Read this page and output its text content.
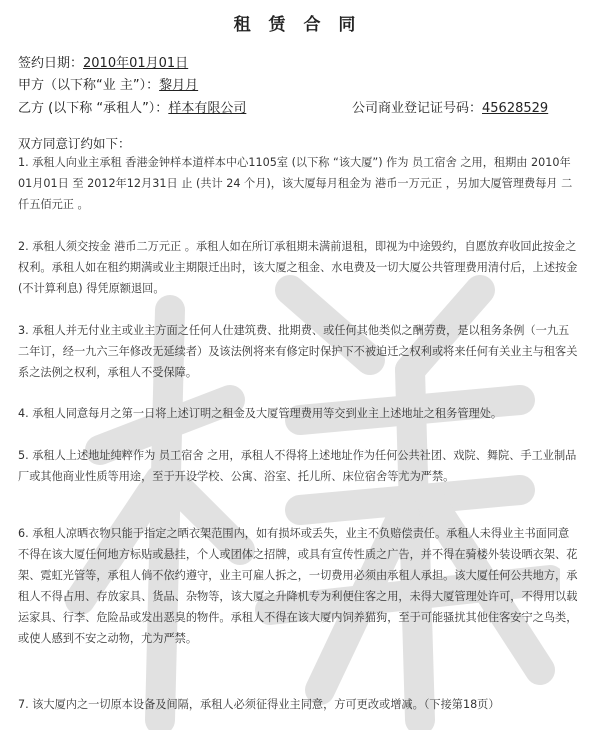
租 赁 合 同
签约日期：2010年01月01日
甲方（以下称“业 主”）：黎月月
乙方 (以下称 “承租人”）：样本有限公司	公司商业登记证号码：45628529
双方同意订约如下：
1. 承租人向业主承租 香港金钟样本道样本中心1105室 (以下称 “该大厦”) 作为 员工宿舍 之用，租期由 2010年01月01日 至 2012年12月31日 止 (共计 24 个月)，该大厦每月租金为 港币一万元正 ，另加大厦管理费每月 二仟五佰元正 。
2. 承租人须交按金 港币二万元正 。承租人如在所订承租期未满前退租，即视为中途毁约，自愿放弃收回此按金之权利。承租人如在租约期满或业主期限迁出时，该大厦之租金、水电费及一切大厦公共管理费用清付后，上述按金 (不计算利息) 得凭原额退回。
3. 承租人并无付业主或业主方面之任何人仕建筑费、批期费、或任何其他类似之酬劳费，是以租务条例（一九五二年订，经一九六三年修改无延续者）及该法例将来有修定时保护下不被迫迁之权利或将来任何有关业主与租客关系之法例之权利，承租人不受保障。
4. 承租人同意每月之第一日将上述订明之租金及大厦管理费用等交到业主上述地址之租务管理处。
5. 承租人上述地址纯粹作为 员工宿舍 之用，承租人不得将上述地址作为任何公共社团、戏院、舞院、手工业制品厂或其他商业性质等用途，至于开设学校、公寓、浴室、托儿所、床位宿舍等尤为严禁。
6. 承租人凉晒衣物只能于指定之晒衣架范围内，如有损坏或丢失，业主不负赔偿责任。承租人未得业主书面同意不得在该大厦任何地方标贴或悬挂，个人或团体之招牌，或具有宣传性质之广告，并不得在骑楼外装设晒衣架、花架、霓虹光管等，承租人倘不依约遵守，业主可雇人拆之，一切费用必须由承租人承担。该大厦任何公共地方，承租人不得占用、存放家具、货品、杂物等，该大厦之升降机专为利便住客之用，未得大厦管理处许可，不得用以载运家具、行李、危险品或发出恶臭的物件。承租人不得在该大厦内饲养猫狗，至于可能骚扰其他住客安宁之鸟类，或使人感到不安之动物，尤为严禁。
7. 该大厦内之一切原本设备及间隔，承租人必须征得业主同意，方可更改或增减。（下接第18页）
